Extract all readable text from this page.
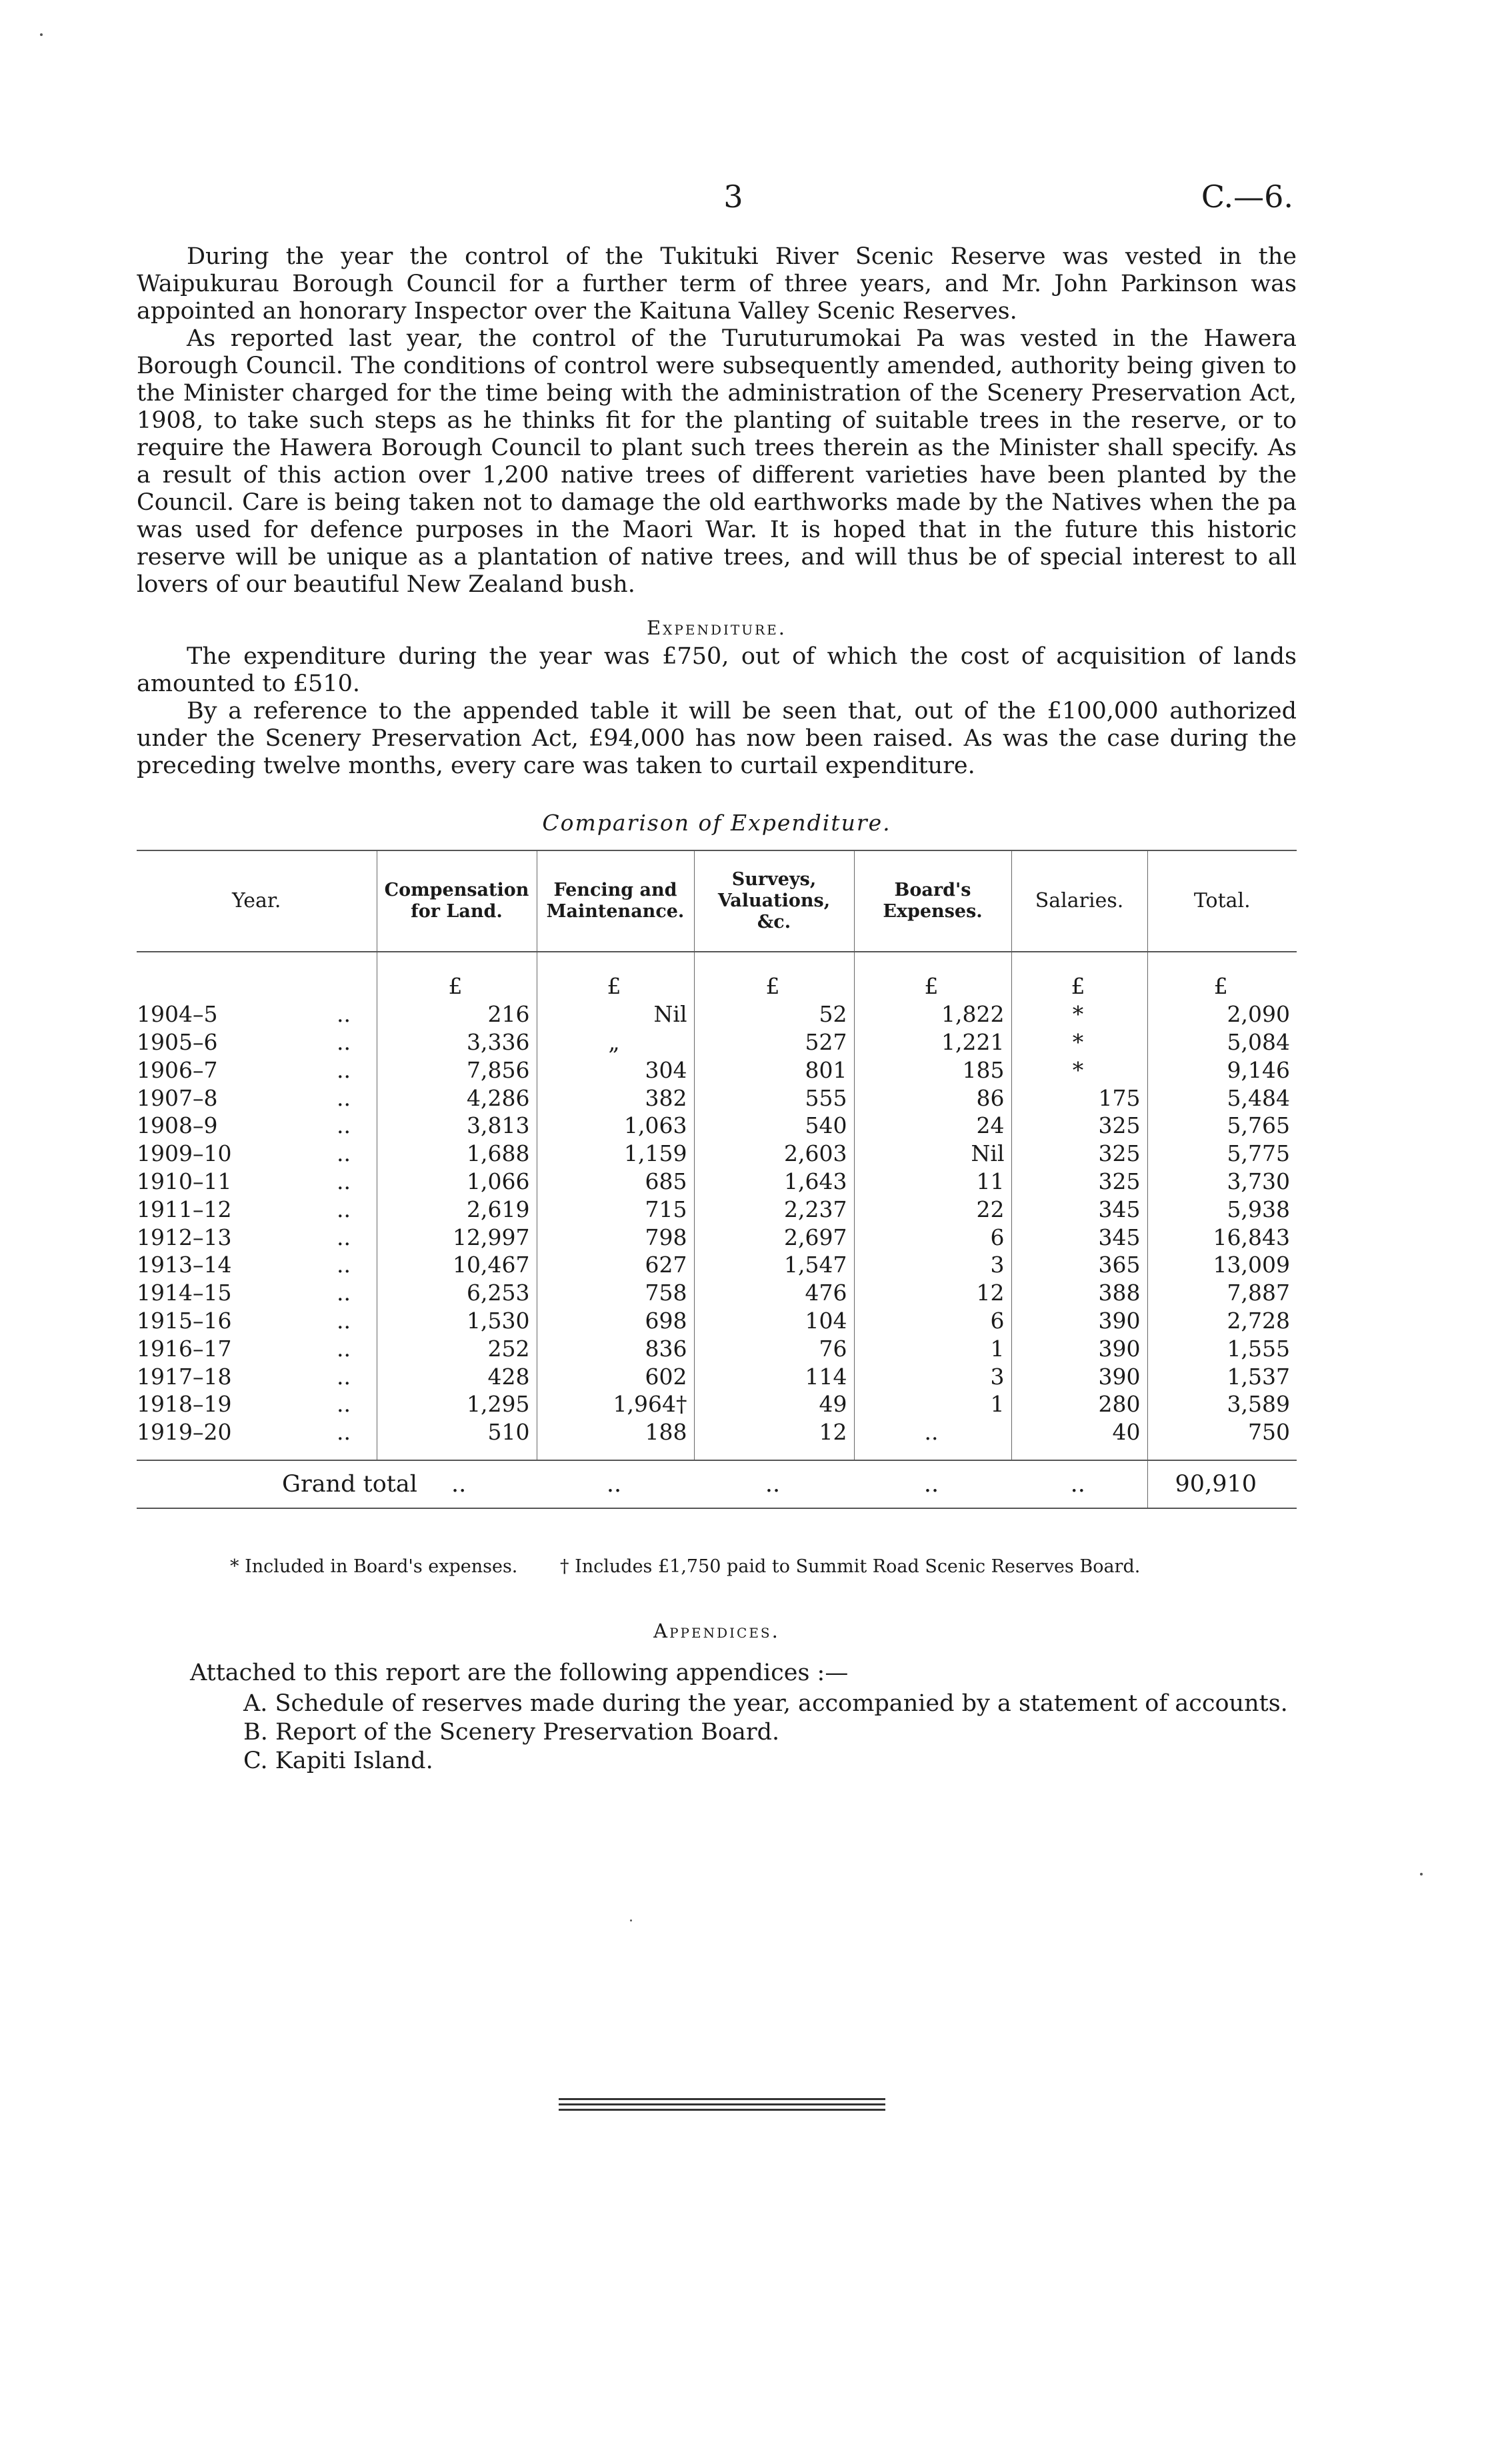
3	C.—6.

During the year the control of the Tukituki River Scenic Reserve was vested in the Waipukurau Borough Council for a further term of three years, and Mr. John Parkinson was appointed an honorary Inspector over the Kaituna Valley Scenic Reserves.

As reported last year, the control of the Turuturumokai Pa was vested in the Hawera Borough Council. The conditions of control were subsequently amended, authority being given to the Minister charged for the time being with the administration of the Scenery Preservation Act, 1908, to take such steps as he thinks fit for the planting of suitable trees in the reserve, or to require the Hawera Borough Council to plant such trees therein as the Minister shall specify. As a result of this action over 1,200 native trees of different varieties have been planted by the Council. Care is being taken not to damage the old earthworks made by the Natives when the pa was used for defence purposes in the Maori War. It is hoped that in the future this historic reserve will be unique as a plantation of native trees, and will thus be of special interest to all lovers of our beautiful New Zealand bush.

Expenditure.

The expenditure during the year was £750, out of which the cost of acquisition of lands amounted to £510.

By a reference to the appended table it will be seen that, out of the £100,000 authorized under the Scenery Preservation Act, £94,000 has now been raised. As was the case during the preceding twelve months, every care was taken to curtail expenditure.

Comparison of Expenditure.
Year.	Compensation for Land.	Fencing and Maintenance.	Surveys, Valuations, &c.	Board's Expenses.	Salaries.	Total.
	£	£	£	£	£	£
1904–5 ..	216	Nil	52	1,822	*	2,090
1905–6 ..	3,336	„	527	1,221	*	5,084
1906–7 ..	7,856	304	801	185	*	9,146
1907–8 ..	4,286	382	555	86	175	5,484
1908–9 ..	3,813	1,063	540	24	325	5,765
1909–10 ..	1,688	1,159	2,603	Nil	325	5,775
1910–11 ..	1,066	685	1,643	11	325	3,730
1911–12 ..	2,619	715	2,237	22	345	5,938
1912–13 ..	12,997	798	2,697	6	345	16,843
1913–14 ..	10,467	627	1,547	3	365	13,009
1914–15 ..	6,253	758	476	12	388	7,887
1915–16 ..	1,530	698	104	6	390	2,728
1916–17 ..	252	836	76	1	390	1,555
1917–18 ..	428	602	114	3	390	1,537
1918–19 ..	1,295	1,964†	49	1	280	3,589
1919–20 ..	510	188	12	..	40	750
Grand total ..		..	..	..	..	90,910
* Included in Board's expenses. † Includes £1,750 paid to Summit Road Scenic Reserves Board.
Appendices.
Attached to this report are the following appendices :—
A. Schedule of reserves made during the year, accompanied by a statement of accounts.
B. Report of the Scenery Preservation Board.
C. Kapiti Island.
